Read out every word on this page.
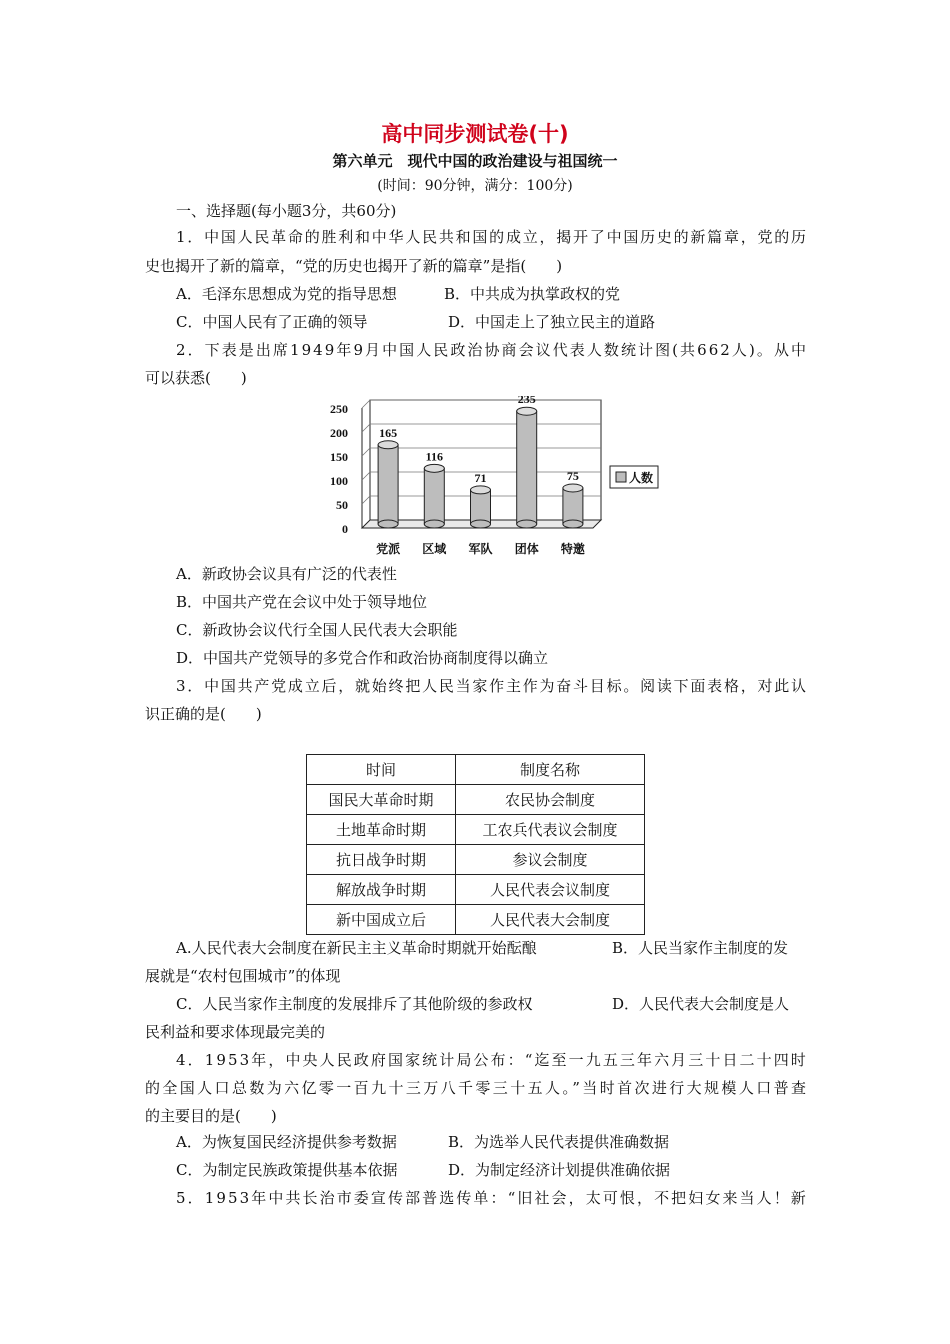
高中同步测试卷(十)
第六单元　现代中国的政治建设与祖国统一
(时间：90分钟，满分：100分)
一、选择题(每小题3分，共60分)
1．中国人民革命的胜利和中华人民共和国的成立，揭开了中国历史的新篇章，党的历
史也揭开了新的篇章，“党的历史也揭开了新的篇章”是指(　　)
A．毛泽东思想成为党的指导思想	B．中共成为执掌政权的党
C．中国人民有了正确的领导	D．中国走上了独立民主的道路
2．下表是出席1949年9月中国人民政治协商会议代表人数统计图(共662人)。从中
可以获悉(　　)
250
200
150
100
50
0
165
党派
116
区域
71
军队
235
团体
75
特邀
人数
A．新政协会议具有广泛的代表性
B．中国共产党在会议中处于领导地位
C．新政协会议代行全国人民代表大会职能
D．中国共产党领导的多党合作和政治协商制度得以确立
3．中国共产党成立后，就始终把人民当家作主作为奋斗目标。阅读下面表格，对此认
识正确的是(　　)
时间	制度名称
国民大革命时期	农民协会制度
土地革命时期	工农兵代表议会制度
抗日战争时期	参议会制度
解放战争时期	人民代表会议制度
新中国成立后	人民代表大会制度
A.人民代表大会制度在新民主主义革命时期就开始酝酿	B．人民当家作主制度的发
展就是“农村包围城市”的体现
C．人民当家作主制度的发展排斥了其他阶级的参政权	D．人民代表大会制度是人
民利益和要求体现最完美的
4．1953年，中央人民政府国家统计局公布：“迄至一九五三年六月三十日二十四时
的全国人口总数为六亿零一百九十三万八千零三十五人。”当时首次进行大规模人口普查
的主要目的是(　　)
A．为恢复国民经济提供参考数据	B．为选举人民代表提供准确数据
C．为制定民族政策提供基本依据	D．为制定经济计划提供准确依据
5．1953年中共长治市委宣传部普选传单：“旧社会，太可恨，不把妇女来当人！新
